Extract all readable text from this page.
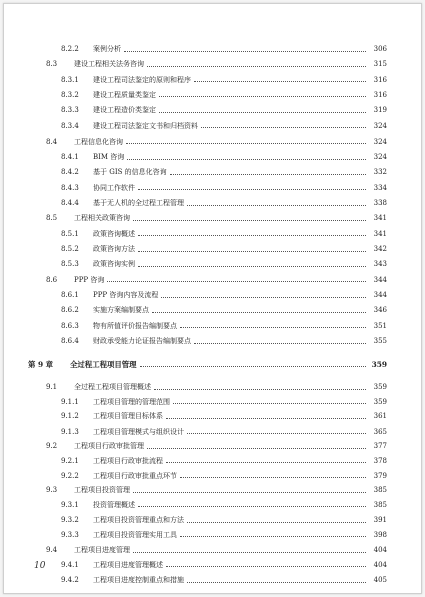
8.2.2	案例分析	306
8.3	建设工程相关法务咨询	315
8.3.1	建设工程司法鉴定的原则和程序	316
8.3.2	建设工程质量类鉴定	316
8.3.3	建设工程造价类鉴定	319
8.3.4	建设工程司法鉴定文书和归档资料	324
8.4	工程信息化咨询	324
8.4.1	BIM 咨询	324
8.4.2	基于 GIS 的信息化咨询	332
8.4.3	协同工作软件	334
8.4.4	基于无人机的全过程工程管理	338
8.5	工程相关政策咨询	341
8.5.1	政策咨询概述	341
8.5.2	政策咨询方法	342
8.5.3	政策咨询实例	343
8.6	PPP 咨询	344
8.6.1	PPP 咨询内容及流程	344
8.6.2	实施方案编制要点	346
8.6.3	物有所值评价报告编制要点	351
8.6.4	财政承受能力论证报告编制要点	355
第 9 章	全过程工程项目管理	359
9.1	全过程工程项目管理概述	359
9.1.1	工程项目管理的管理范围	359
9.1.2	工程项目管理目标体系	361
9.1.3	工程项目管理模式与组织设计	365
9.2	工程项目行政审批管理	377
9.2.1	工程项目行政审批流程	378
9.2.2	工程项目行政审批重点环节	379
9.3	工程项目投资管理	385
9.3.1	投资管理概述	385
9.3.2	工程项目投资管理重点和方法	391
9.3.3	工程项目投资管理实用工具	398
9.4	工程项目进度管理	404
9.4.1	工程项目进度管理概述	404
9.4.2	工程项目进度控制重点和措施	405
10
